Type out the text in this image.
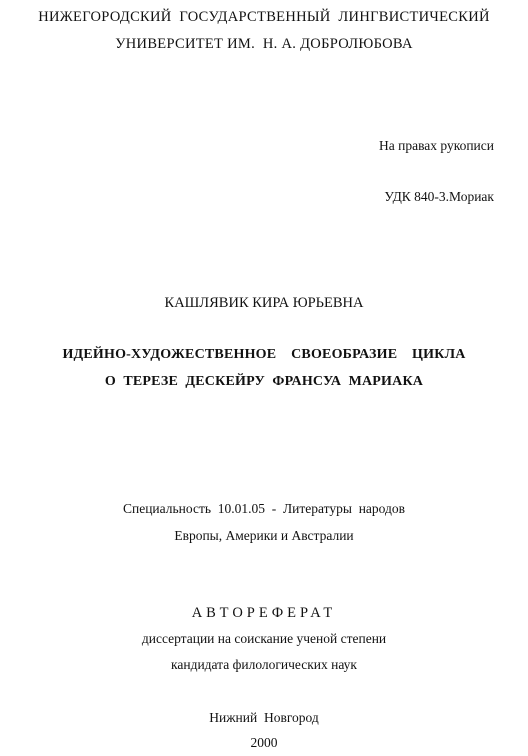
НИЖЕГОРОДСКИЙ  ГОСУДАРСТВЕННЫЙ  ЛИНГВИСТИЧЕСКИЙ
УНИВЕРСИТЕТ ИМ.  Н. А. ДОБРОЛЮБОВА
На правах рукописи
УДК 840-3.Мориак
КАШЛЯВИК КИРА ЮРЬЕВНА
ИДЕЙНО-ХУДОЖЕСТВЕННОЕ    СВОЕОБРАЗИЕ    ЦИКЛА
О  ТЕРЕЗЕ  ДЕСКЕЙРУ  ФРАНСУА  МАРИАКА
Специальность  10.01.05  -  Литературы  народов
Европы, Америки и Австралии
АВТОРЕФЕРАТ
диссертации на соискание ученой степени
кандидата филологических наук
Нижний  Новгород
2000
